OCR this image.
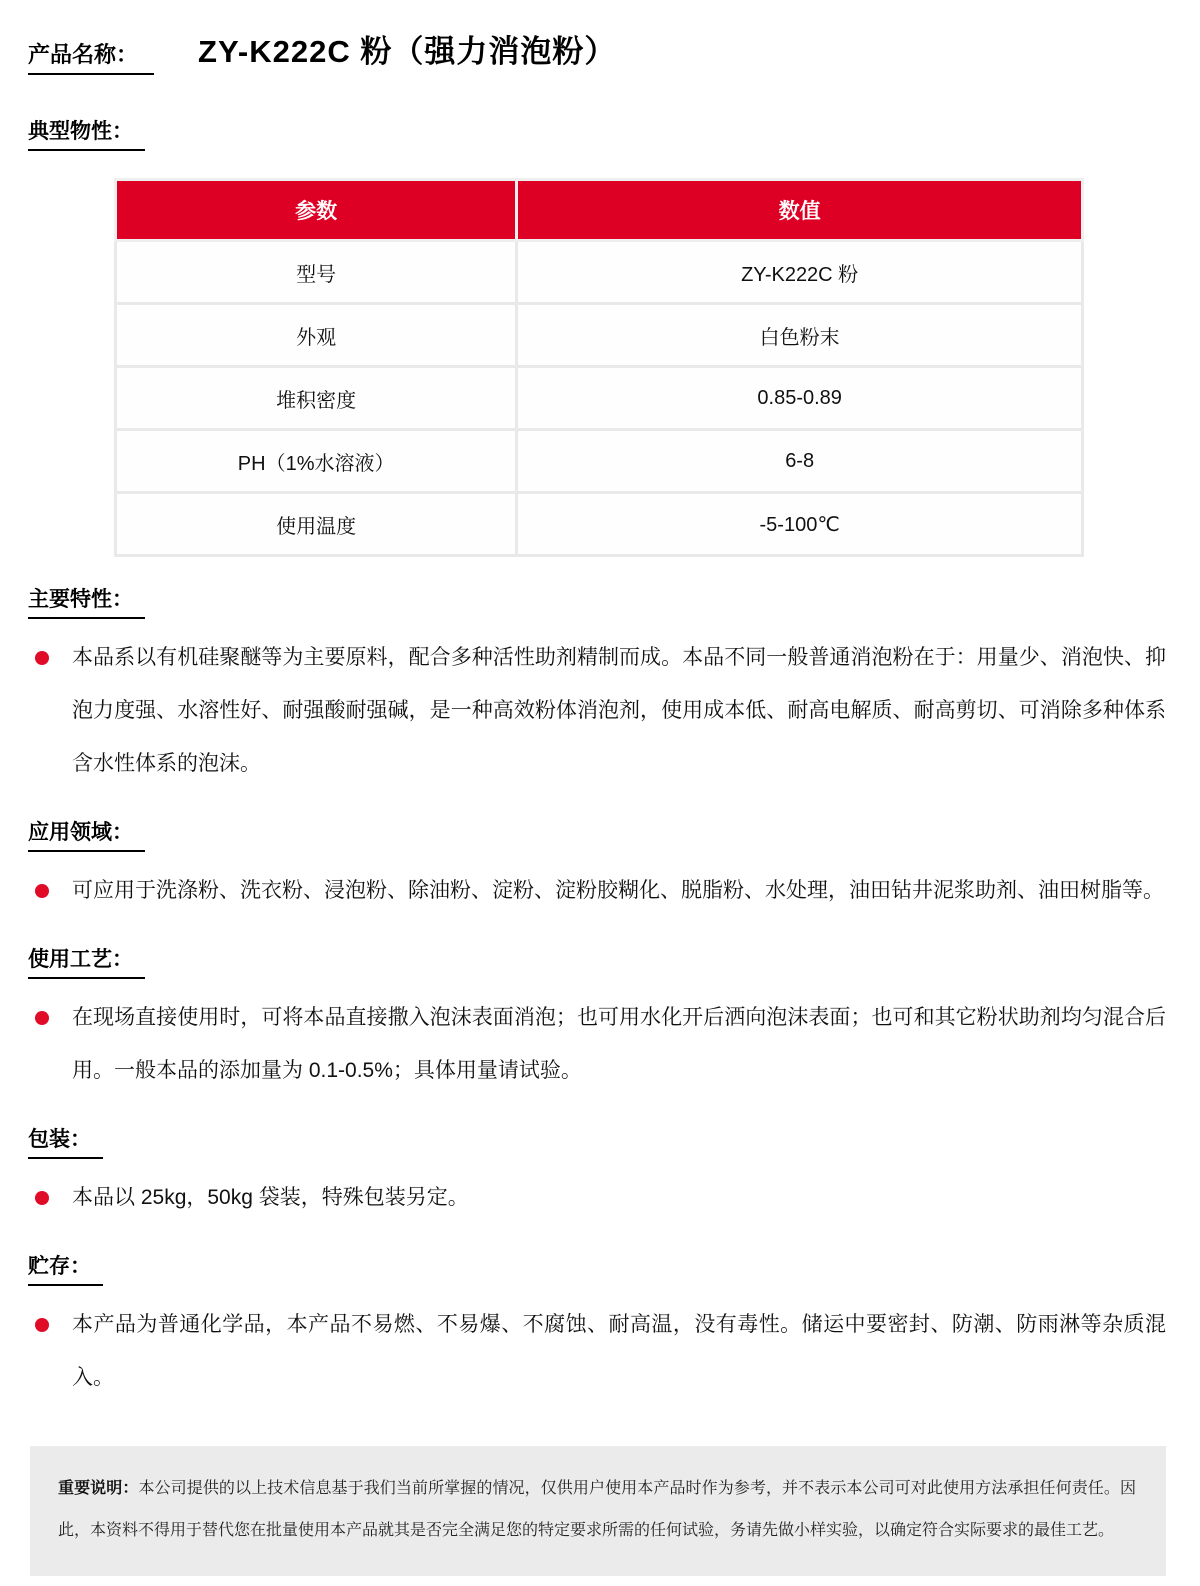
产品名称：	ZY-K222C 粉（强力消泡粉）
典型物性：
参数	数值
型号	ZY-K222C 粉
外观	白色粉末
堆积密度	0.85-0.89
PH（1%水溶液）	6-8
使用温度	-5-100℃
主要特性：
本品系以有机硅聚醚等为主要原料，配合多种活性助剂精制而成。本品不同一般普通消泡粉在于：用量少、消泡快、抑泡力度强、水溶性好、耐强酸耐强碱，是一种高效粉体消泡剂，使用成本低、耐高电解质、耐高剪切、可消除多种体系含水性体系的泡沫。
应用领域：
可应用于洗涤粉、洗衣粉、浸泡粉、除油粉、淀粉、淀粉胶糊化、脱脂粉、水处理，油田钻井泥浆助剂、油田树脂等。
使用工艺：
在现场直接使用时，可将本品直接撒入泡沫表面消泡；也可用水化开后洒向泡沫表面；也可和其它粉状助剂均匀混合后用。一般本品的添加量为 0.1-0.5%；具体用量请试验。
包装：
本品以 25kg，50kg 袋装，特殊包装另定。
贮存：
本产品为普通化学品，本产品不易燃、不易爆、不腐蚀、耐高温，没有毒性。储运中要密封、防潮、防雨淋等杂质混入。
重要说明：本公司提供的以上技术信息基于我们当前所掌握的情况，仅供用户使用本产品时作为参考，并不表示本公司可对此使用方法承担任何责任。因此，本资料不得用于替代您在批量使用本产品就其是否完全满足您的特定要求所需的任何试验，务请先做小样实验，以确定符合实际要求的最佳工艺。
